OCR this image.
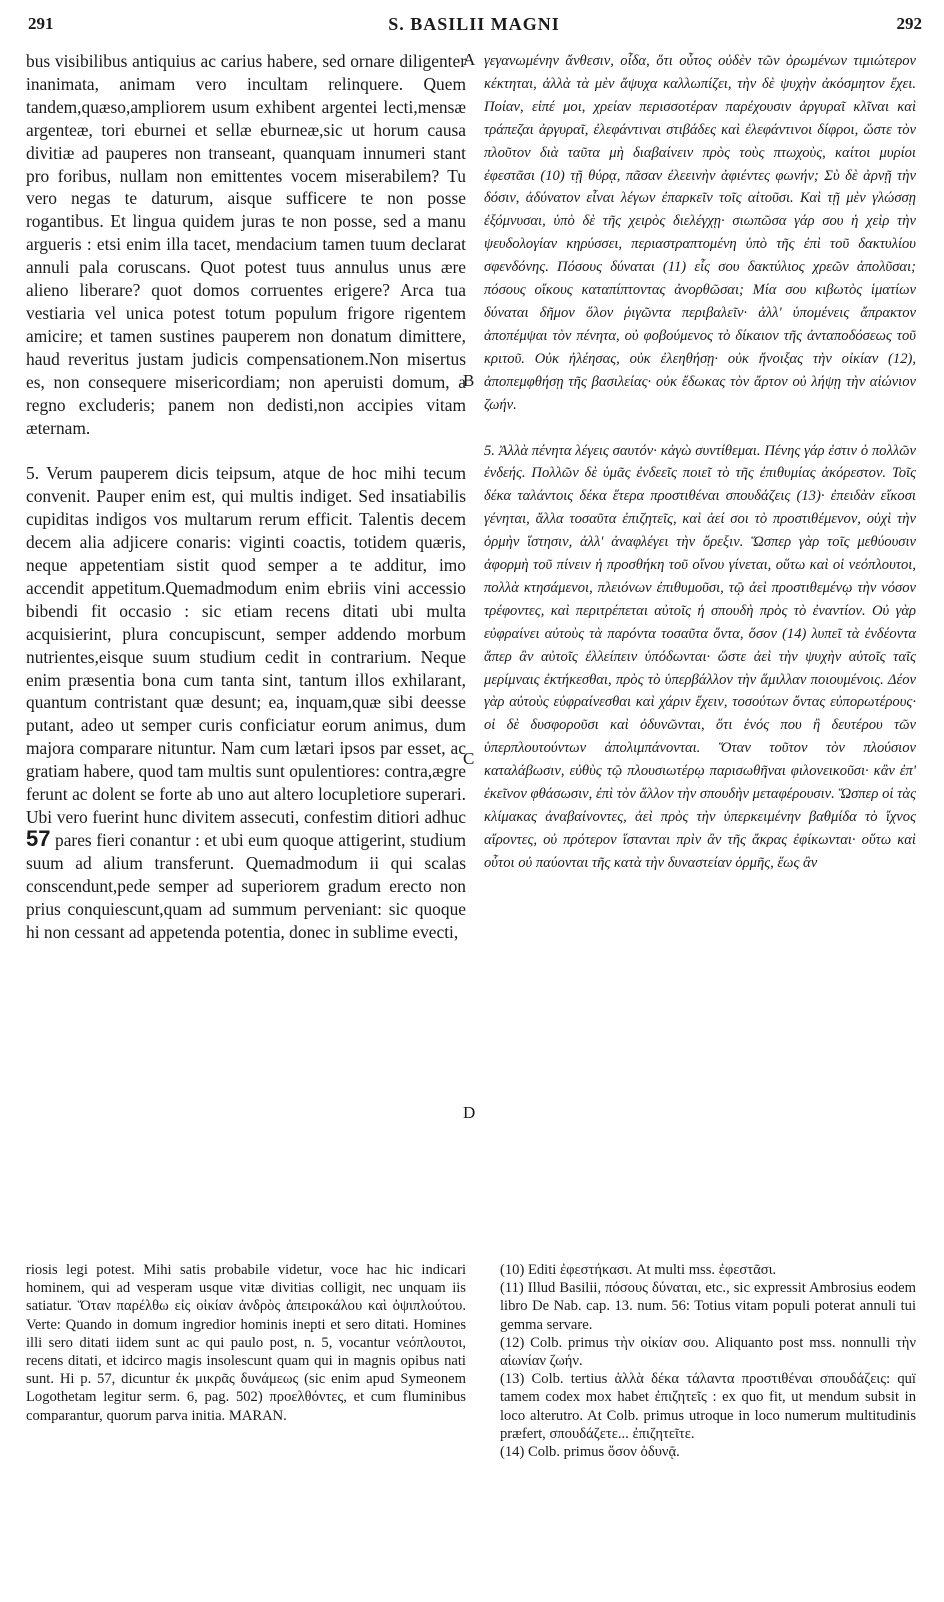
291	S. BASILII MAGNI	292

bus visibilibus antiquius ac carius habere, sed ornare diligenter inanimata, animam vero incultam relinquere. Quem tandem,quæso,ampliorem usum exhibent argentei lecti,mensæ argenteæ, tori eburnei et sellæ eburneæ,sic ut horum causa divitiæ ad pauperes non transeant, quanquam innumeri stant pro foribus, nullam non emittentes vocem miserabilem? Tu vero negas te daturum, aisque sufficere te non posse rogantibus. Et lingua quidem juras te non posse, sed a manu argueris : etsi enim illa tacet, mendacium tamen tuum declarat annuli pala coruscans. Quot potest tuus annulus unus ære alieno liberare? quot domos corruentes erigere? Arca tua vestiaria vel unica potest totum populum frigore rigentem amicire; et tamen sustines pauperem non donatum dimittere, haud reveritus justam judicis compensationem.Non misertus es, non consequere misericordiam; non aperuisti domum, a regno excluderis; panem non dedisti,non accipies vitam æternam.

5. Verum pauperem dicis teipsum, atque de hoc mihi tecum convenit. Pauper enim est, qui multis indiget. Sed insatiabilis cupiditas indigos vos multarum rerum efficit. Talentis decem decem alia adjicere conaris: viginti coactis, totidem quæris, neque appetentiam sistit quod semper a te additur, imo accendit appetitum.Quemadmodum enim ebriis vini accessio bibendi fit occasio : sic etiam recens ditati ubi multa acquisierint, plura concupiscunt, semper addendo morbum nutrientes,eisque suum studium cedit in contrarium. Neque enim præsentia bona cum tanta sint, tantum illos exhilarant, quantum contristant quæ desunt; ea, inquam,quæ sibi deesse putant, adeo ut semper curis conficiatur eorum animus, dum majora comparare nituntur. Nam cum lætari ipsos par esset, ac gratiam habere, quod tam multis sunt opulentiores: contra,ægre ferunt ac dolent se forte ab uno aut altero locupletiore superari. Ubi vero fuerint hunc divitem assecuti, confestim ditiori adhuc 57 pares fieri conantur : et ubi eum quoque attigerint, studium suum ad alium transferunt. Quemadmodum ii qui scalas conscendunt,pede semper ad superiorem gradum erecto non prius conquiescunt,quam ad summum perveniant: sic quoque hi non cessant ad appetenda potentia, donec in sublime evecti,

A
B
C
D

γεγανωμένην ἄνθεσιν, οἶδα, ὅτι οὗτος οὐδὲν τῶν ὁρωμένων τιμιώτερον κέκτηται, ἀλλὰ τὰ μὲν ἄψυχα καλλωπίζει, τὴν δὲ ψυχὴν ἀκόσμητον ἔχει. Ποίαν, εἰπέ μοι, χρείαν περισσοτέραν παρέχουσιν ἀργυραῖ κλῖναι καὶ τράπεζαι ἀργυραῖ, ἐλεφάντιναι στιβάδες καὶ ἐλεφάντινοι δίφροι, ὥστε τὸν πλοῦτον διὰ ταῦτα μὴ διαβαίνειν πρὸς τοὺς πτωχοὺς, καίτοι μυρίοι ἐφεστᾶσι (10) τῇ θύρᾳ, πᾶσαν ἐλεεινὴν ἀφιέντες φωνήν; Σὺ δὲ ἀρνῇ τὴν δόσιν, ἀδύνατον εἶναι λέγων ἐπαρκεῖν τοῖς αἰτοῦσι. Καὶ τῇ μὲν γλώσσῃ ἐξόμνυσαι, ὑπὸ δὲ τῆς χειρὸς διελέγχῃ· σιωπῶσα γάρ σου ἡ χεὶρ τὴν ψευδολογίαν κηρύσσει, περιαστραπτομένη ὑπὸ τῆς ἐπὶ τοῦ δακτυλίου σφενδόνης. Πόσους δύναται (11) εἷς σου δακτύλιος χρεῶν ἀπολῦσαι; πόσους οἴκους καταπίπτοντας ἀνορθῶσαι; Μία σου κιβωτὸς ἱματίων δύναται δῆμον ὅλον ῥιγῶντα περιβαλεῖν· ἀλλ' ὑπομένεις ἄπρακτον ἀποπέμψαι τὸν πένητα, οὐ φοβούμενος τὸ δίκαιον τῆς ἀνταποδόσεως τοῦ κριτοῦ. Οὐκ ἠλέησας, οὐκ ἐλεηθήσῃ· οὐκ ἤνοιξας τὴν οἰκίαν (12), ἀποπεμφθήσῃ τῆς βασιλείας· οὐκ ἔδωκας τὸν ἄρτον οὐ λήψῃ τὴν αἰώνιον ζωήν.

5. Ἀλλὰ πένητα λέγεις σαυτόν· κἀγὼ συντίθεμαι. Πένης γάρ ἐστιν ὁ πολλῶν ἐνδεής. Πολλῶν δὲ ὑμᾶς ἐνδεεῖς ποιεῖ τὸ τῆς ἐπιθυμίας ἀκόρεστον. Τοῖς δέκα ταλάντοις δέκα ἕτερα προστιθέναι σπουδάζεις (13)· ἐπειδὰν εἴκοσι γένηται, ἄλλα τοσαῦτα ἐπιζητεῖς, καὶ ἀεί σοι τὸ προστιθέμενον, οὐχὶ τὴν ὁρμὴν ἵστησιν, ἀλλ' ἀναφλέγει τὴν ὄρεξιν. Ὥσπερ γὰρ τοῖς μεθύουσιν ἀφορμὴ τοῦ πίνειν ἡ προσθήκη τοῦ οἴνου γίνεται, οὕτω καὶ οἱ νεόπλουτοι, πολλὰ κτησάμενοι, πλειόνων ἐπιθυμοῦσι, τῷ ἀεὶ προστιθεμένῳ τὴν νόσον τρέφοντες, καὶ περιτρέπεται αὐτοῖς ἡ σπουδὴ πρὸς τὸ ἐναντίον. Οὐ γὰρ εὐφραίνει αὐτοὺς τὰ παρόντα τοσαῦτα ὄντα, ὅσον (14) λυπεῖ τὰ ἐνδέοντα ἅπερ ἂν αὐτοῖς ἐλλείπειν ὑπόδωνται· ὥστε ἀεὶ τὴν ψυχὴν αὐτοῖς ταῖς μερίμναις ἐκτήκεσθαι, πρὸς τὸ ὑπερβάλλον τὴν ἅμιλλαν ποιουμένοις. Δέον γὰρ αὐτοὺς εὐφραίνεσθαι καὶ χάριν ἔχειν, τοσούτων ὄντας εὐπορωτέρους· οἱ δὲ δυσφοροῦσι καὶ ὀδυνῶνται, ὅτι ἑνός που ἢ δευτέρου τῶν ὑπερπλουτούντων ἀπολιμπάνονται. Ὅταν τοῦτον τὸν πλούσιον καταλάβωσιν, εὐθὺς τῷ πλουσιωτέρῳ παρισωθῆναι φιλονεικοῦσι· κἂν ἐπ' ἐκεῖνον φθάσωσιν, ἐπὶ τὸν ἄλλον τὴν σπουδὴν μεταφέρουσιν. Ὥσπερ οἱ τὰς κλίμακας ἀναβαίνοντες, ἀεὶ πρὸς τὴν ὑπερκειμένην βαθμίδα τὸ ἴχνος αἴροντες, οὐ πρότερον ἵστανται πρὶν ἂν τῆς ἄκρας ἐφίκωνται· οὕτω καὶ οὗτοι οὐ παύονται τῆς κατὰ τὴν δυναστείαν ὁρμῆς, ἕως ἂν

riosis legi potest. Mihi satis probabile videtur, voce hac hic indicari hominem, qui ad vesperam usque vitæ divitias colligit, nec unquam iis satiatur. Ὅταν παρέλθω εἰς οἰκίαν ἀνδρὸς ἀπειροκάλου καὶ ὀψιπλούτου. Verte: Quando in domum ingredior hominis inepti et sero ditati. Homines illi sero ditati iidem sunt ac qui paulo post, n. 5, vocantur νεόπλουτοι, recens ditati, et idcirco magis insolescunt quam qui in magnis opibus nati sunt. Hi p. 57, dicuntur ἐκ μικρᾶς δυνάμεως (sic enim apud Symeonem Logothetam legitur serm. 6, pag. 502) προελθόντες, et cum fluminibus comparantur, quorum parva initia. MARAN.

(10) Editi ἐφεστήκασι. At multi mss. ἐφεστᾶσι.

(11) Illud Basilii, πόσους δύναται, etc., sic expressit Ambrosius eodem libro De Nab. cap. 13. num. 56: Totius vitam populi poterat annuli tui gemma servare.

(12) Colb. primus τὴν οἰκίαν σου. Aliquanto post mss. nonnulli τὴν αἰωνίαν ζωήν.

(13) Colb. tertius ἀλλὰ δέκα τάλαντα προστιθέναι σπουδάζεις: quï tamem codex mox habet ἐπιζητεῖς : ex quo fit, ut mendum subsit in loco alterutro. At Colb. primus utroque in loco numerum multitudinis præfert, σπουδάζετε... ἐπιζητεῖτε.

(14) Colb. primus ὅσον ὀδυνᾷ.
